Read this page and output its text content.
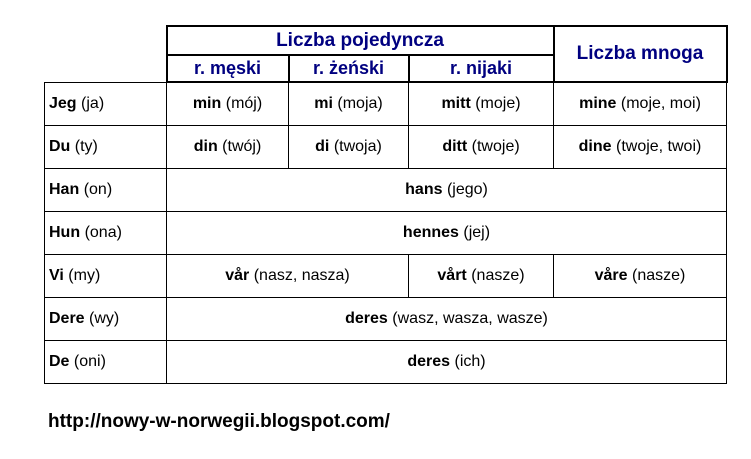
	Liczba pojedyncza			Liczba mnoga
	r. męski	r. żeński	r. nijaki	
Jeg (ja)	min (mój)	mi (moja)	mitt (moje)	mine (moje, moi)
Du (ty)	din (twój)	di (twoja)	ditt (twoje)	dine (twoje, twoi)
Han (on)	hans (jego)			
Hun (ona)	hennes (jej)			
Vi (my)	vår (nasz, nasza)		vårt (nasze)	våre (nasze)
Dere (wy)	deres (wasz, wasza, wasze)			
De (oni)	deres (ich)			
http://nowy-w-norwegii.blogspot.com/
